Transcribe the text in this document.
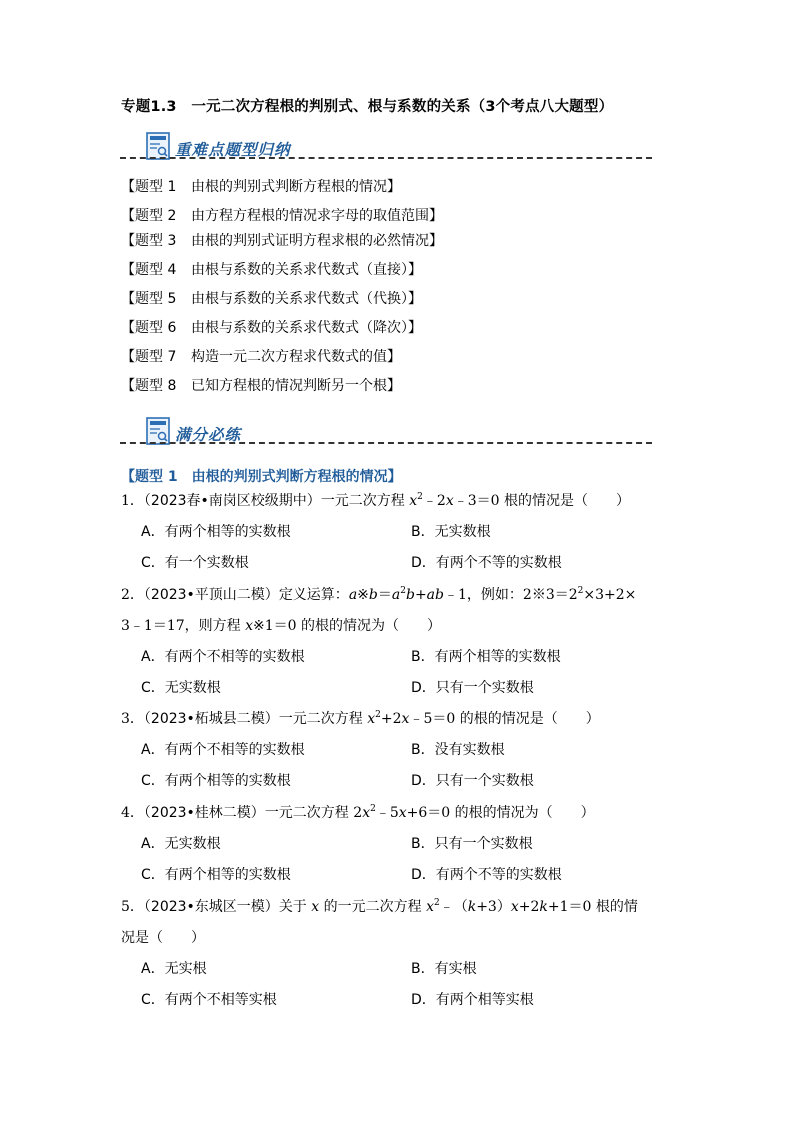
专题1.3　一元二次方程根的判别式、根与系数的关系（3个考点八大题型）
重难点题型归纳
【题型 1 由根的判别式判断方程根的情况】
【题型 2 由方程方程根的情况求字母的取值范围】
【题型 3 由根的判别式证明方程求根的必然情况】
【题型 4 由根与系数的关系求代数式（直接）】
【题型 5 由根与系数的关系求代数式（代换）】
【题型 6 由根与系数的关系求代数式（降次）】
【题型 7 构造一元二次方程求代数式的值】
【题型 8 已知方程根的情况判断另一个根】
满分必练
【题型 1　由根的判别式判断方程根的情况】
1．（2023春•南岗区校级期中）一元二次方程 $x^2﹣2x﹣3=0$ 根的情况是（　　）
A．有两个相等的实数根	B．无实数根
C．有一个实数根	D．有两个不等的实数根
2．（2023•平顶山二模）定义运算：$a※b=a^2b+ab﹣1$，例如：$2※3=2^2\times 3+2\times$
3﹣1＝17，则方程 x※1＝0 的根的情况为（　　）
A．有两个不相等的实数根	B．有两个相等的实数根
C．无实数根	D．只有一个实数根
3．（2023•柘城县二模）一元二次方程 $x^2+2x﹣5=0$ 的根的情况是（　　）
A．有两个不相等的实数根	B．没有实数根
C．有两个相等的实数根	D．只有一个实数根
4．（2023•桂林二模）一元二次方程 $2x^2﹣5x+6=0$ 的根的情况为（　　）
A．无实数根	B．只有一个实数根
C．有两个相等的实数根	D．有两个不等的实数根
5．（2023•东城区一模）关于 x 的一元二次方程 $x^2﹣(k+3)x+2k+1=0$ 根的情
况是（　　）
A．无实根	B．有实根
C．有两个不相等实根	D．有两个相等实根
